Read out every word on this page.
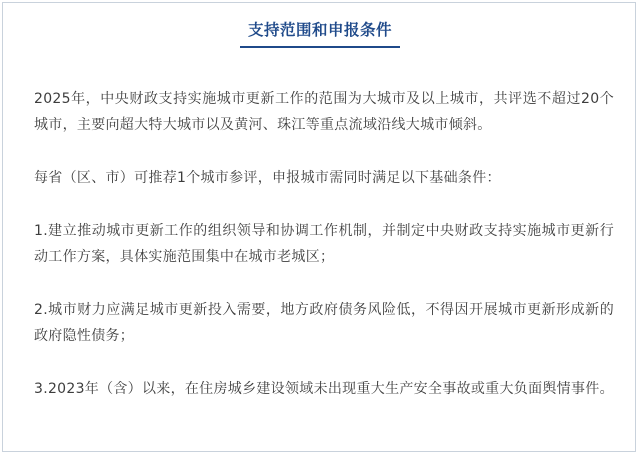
支持范围和申报条件

2025年，中央财政支持实施城市更新工作的范围为大城市及以上城市，共评选不超过20个城市，主要向超大特大城市以及黄河、珠江等重点流域沿线大城市倾斜。

每省（区、市）可推荐1个城市参评，申报城市需同时满足以下基础条件：

1.建立推动城市更新工作的组织领导和协调工作机制，并制定中央财政支持实施城市更新行动工作方案，具体实施范围集中在城市老城区；

2.城市财力应满足城市更新投入需要，地方政府债务风险低，不得因开展城市更新形成新的政府隐性债务；

3.2023年（含）以来，在住房城乡建设领域未出现重大生产安全事故或重大负面舆情事件。
